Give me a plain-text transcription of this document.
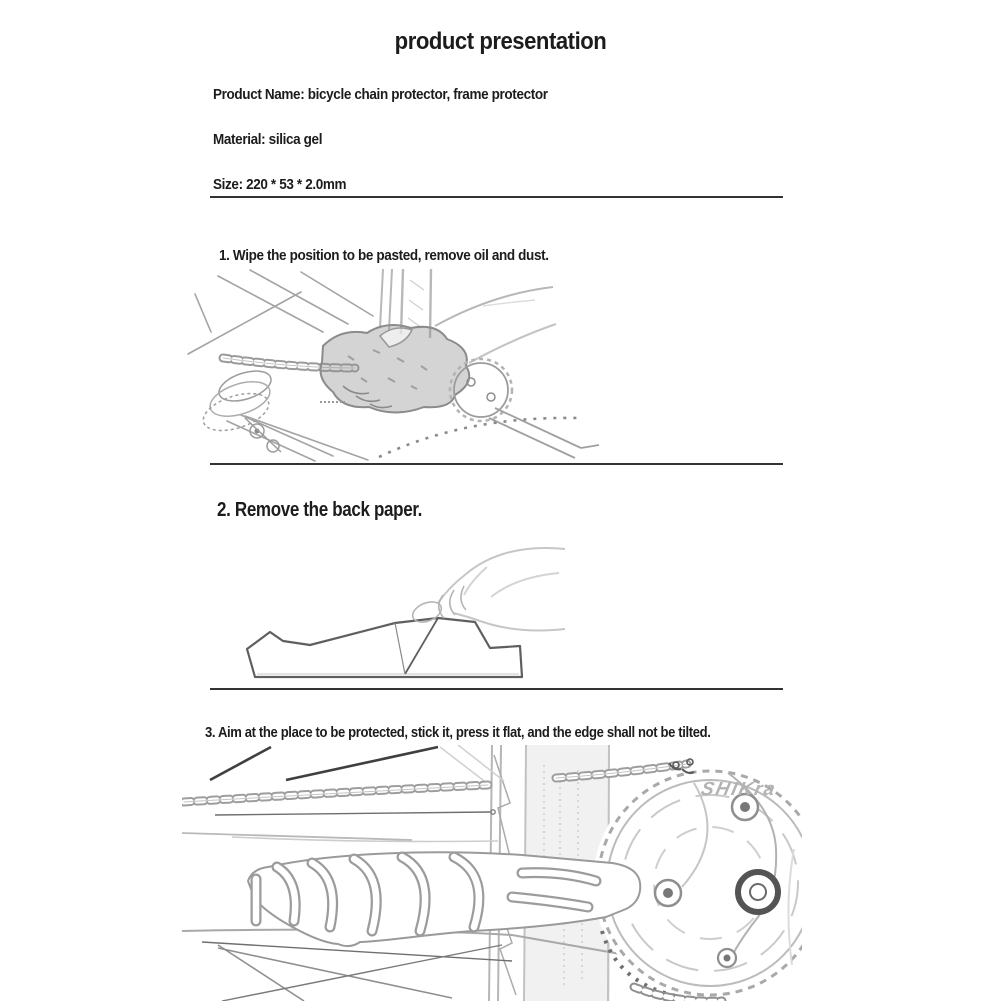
product presentation
Product Name: bicycle chain protector, frame protector
Material: silica gel
Size: 220 * 53 * 2.0mm
1. Wipe the position to be pasted, remove oil and dust.
2. Remove the back paper.
3. Aim at the place to be protected, stick it, press it flat, and the edge shall not be tilted.
SHIKra
